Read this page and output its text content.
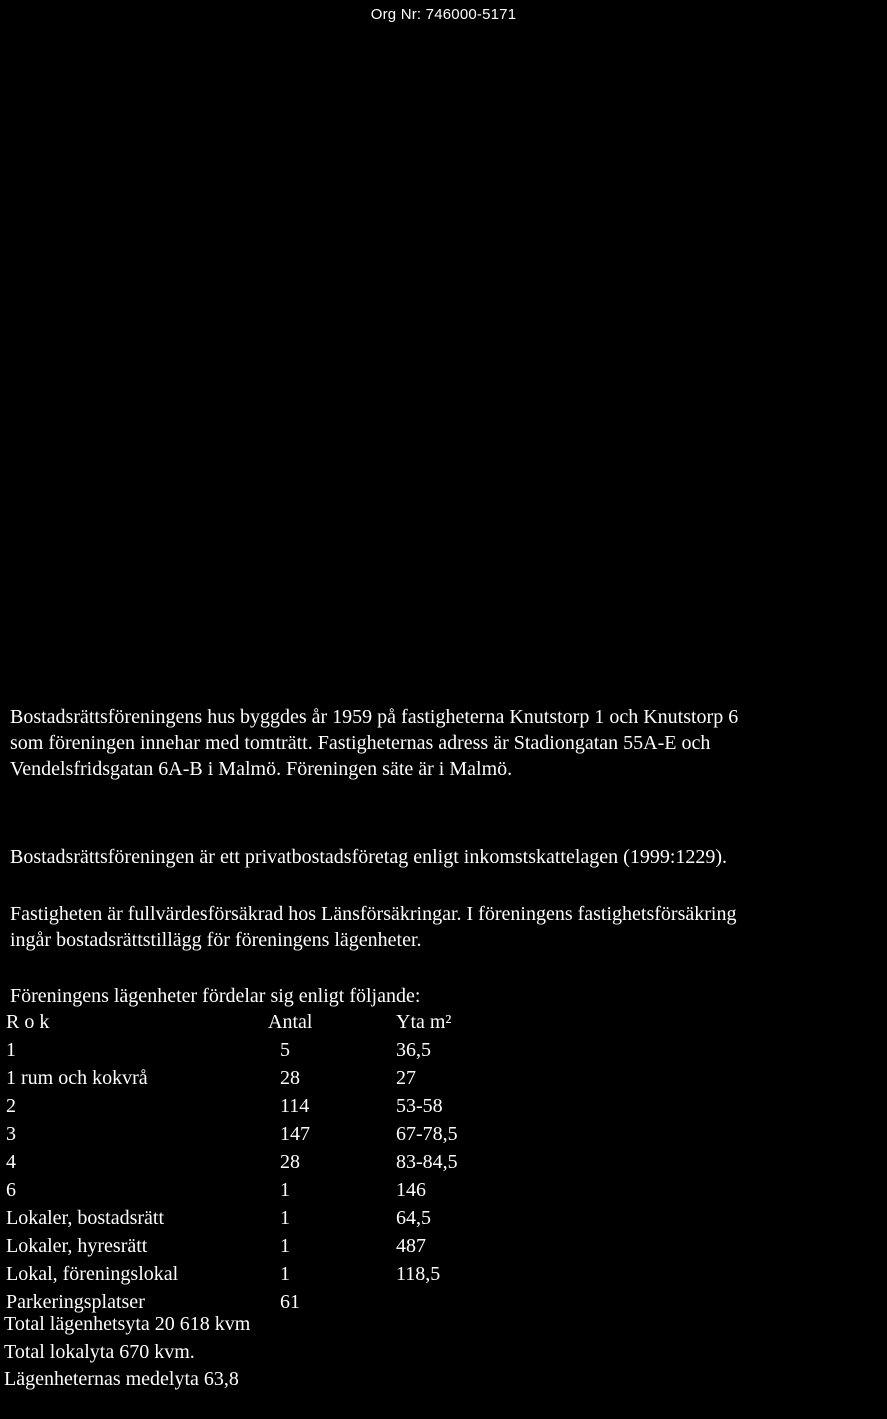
Org Nr: 746000-5171

Bostadsrättsföreningens hus byggdes år 1959 på fastigheterna Knutstorp 1 och Knutstorp 6

som föreningen innehar med tomträtt. Fastigheternas adress är Stadiongatan 55A-E och

Vendelsfridsgatan 6A-B i Malmö. Föreningen säte är i Malmö.

Bostadsrättsföreningen är ett privatbostadsföretag enligt inkomstskattelagen (1999:1229).

Fastigheten är fullvärdesförsäkrad hos Länsförsäkringar. I föreningens fastighetsförsäkring

ingår bostadsrättstillägg för föreningens lägenheter.

Föreningens lägenheter fördelar sig enligt följande:

R o k	Antal	Yta m²
1	5	36,5
1 rum och kokvrå	28	27
2	114	53-58
3	147	67-78,5
4	28	83-84,5
6	1	146
Lokaler, bostadsrätt	1	64,5
Lokaler, hyresrätt	1	487
Lokal, föreningslokal	1	118,5
Parkeringsplatser	61
Total lägenhetsyta 20 618 kvm
Total lokalyta 670 kvm.
Lägenheternas medelyta 63,8
